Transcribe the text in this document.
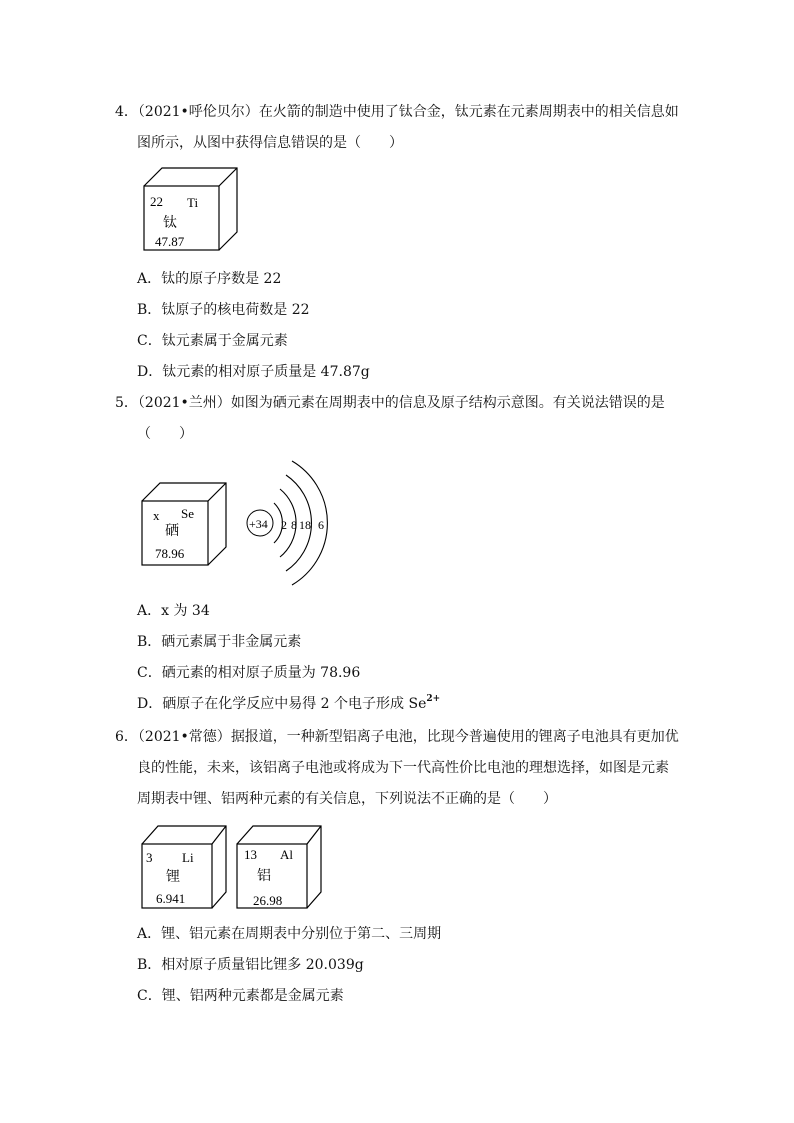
4．（2021•呼伦贝尔）在火箭的制造中使用了钛合金，钛元素在元素周期表中的相关信息如
图所示，从图中获得信息错误的是（　　）
22 Ti
钛
47.87
A．钛的原子序数是 22
B．钛原子的核电荷数是 22
C．钛元素属于金属元素
D．钛元素的相对原子质量是 47.87g
5．（2021•兰州）如图为硒元素在周期表中的信息及原子结构示意图。有关说法错误的是
（　　）
x Se
硒
78.96
+34 2 8 18 6
A．x 为 34
B．硒元素属于非金属元素
C．硒元素的相对原子质量为 78.96
D．硒原子在化学反应中易得 2 个电子形成 $Se^{2+}$
6．（2021•常德）据报道，一种新型铝离子电池，比现今普遍使用的锂离子电池具有更加优
良的性能，未来，该铝离子电池或将成为下一代高性价比电池的理想选择，如图是元素
周期表中锂、铝两种元素的有关信息，下列说法不正确的是（　　）
3 Li
锂
6.941
13 Al
铝
26.98
A．锂、铝元素在周期表中分别位于第二、三周期
B．相对原子质量铝比锂多 20.039g
C．锂、铝两种元素都是金属元素
